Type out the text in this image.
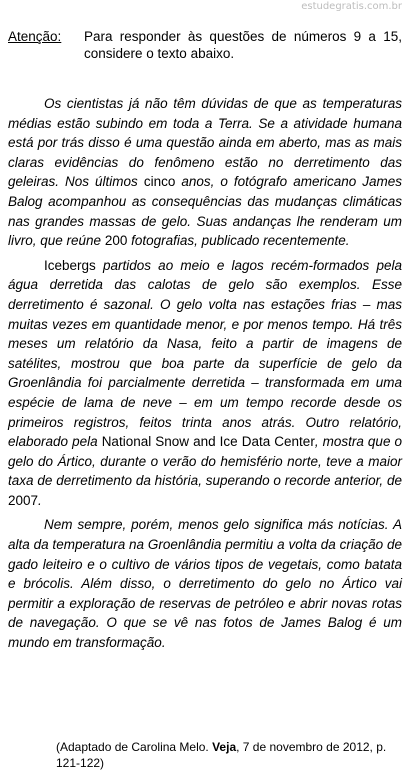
estudegratis.com.br
Atenção: Para responder às questões de números 9 a 15, considere o texto abaixo.

Os cientistas já não têm dúvidas de que as temperaturas médias estão subindo em toda a Terra. Se a atividade humana está por trás disso é uma questão ainda em aberto, mas as mais claras evidências do fenômeno estão no derretimento das geleiras. Nos últimos cinco anos, o fotógrafo americano James Balog acompanhou as consequências das mudanças climáticas nas grandes massas de gelo. Suas andanças lhe renderam um livro, que reúne 200 fotografias, publicado recentemente.

Icebergs partidos ao meio e lagos recém-formados pela água derretida das calotas de gelo são exemplos. Esse derretimento é sazonal. O gelo volta nas estações frias – mas muitas vezes em quantidade menor, e por menos tempo. Há três meses um relatório da Nasa, feito a partir de imagens de satélites, mostrou que boa parte da superfície de gelo da Groenlândia foi parcialmente derretida – transformada em uma espécie de lama de neve – em um tempo recorde desde os primeiros registros, feitos trinta anos atrás. Outro relatório, elaborado pela National Snow and Ice Data Center, mostra que o gelo do Ártico, durante o verão do hemisfério norte, teve a maior taxa de derretimento da história, superando o recorde anterior, de 2007.

Nem sempre, porém, menos gelo significa más notícias. A alta da temperatura na Groenlândia permitiu a volta da criação de gado leiteiro e o cultivo de vários tipos de vegetais, como batata e brócolis. Além disso, o derretimento do gelo no Ártico vai permitir a exploração de reservas de petróleo e abrir novas rotas de navegação. O que se vê nas fotos de James Balog é um mundo em transformação.

(Adaptado de Carolina Melo. Veja, 7 de novembro de 2012, p. 121-122)
